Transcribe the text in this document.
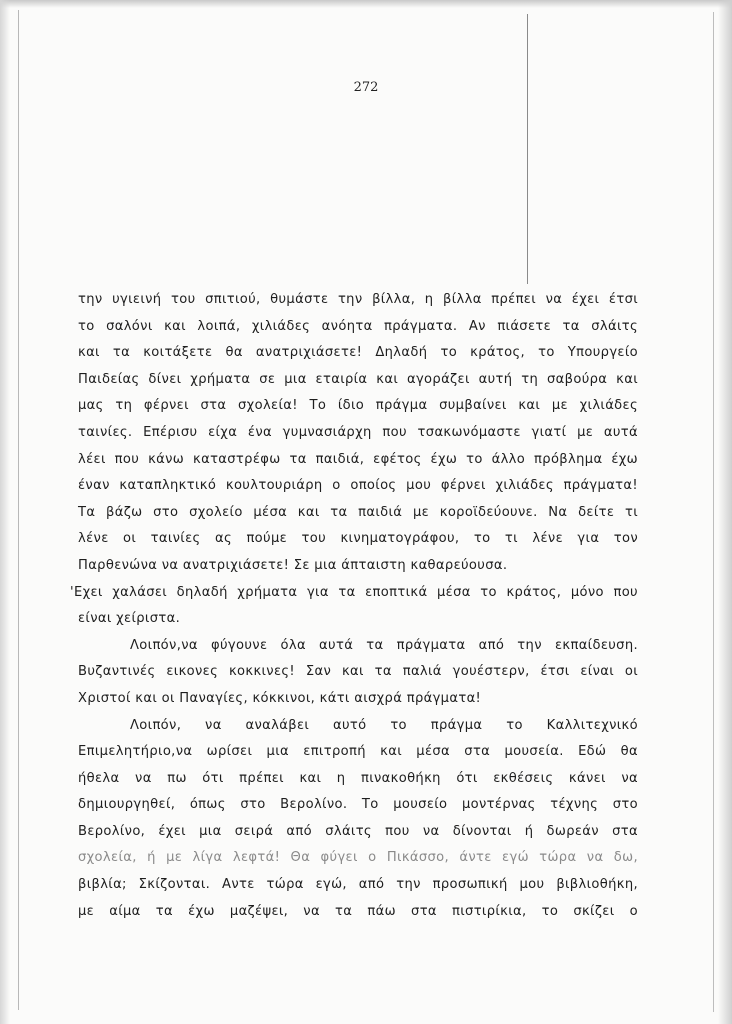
272
την υγιεινή του σπιτιού, θυμάστε την βίλλα, η βίλλα πρέπει να έχει έτσι
το σαλόνι και λοιπά, χιλιάδες ανόητα πράγματα. Αν πιάσετε τα σλάιτς
και τα κοιτάξετε θα ανατριχιάσετε! Δηλαδή το κράτος, το Υπουργείο
Παιδείας δίνει χρήματα σε μια εταιρία και αγοράζει αυτή τη σαβούρα και
μας τη φέρνει στα σχολεία! Το ίδιο πράγμα συμβαίνει και με χιλιάδες
ταινίες. Επέρισυ είχα ένα γυμνασιάρχη που τσακωνόμαστε γιατί με αυτά
λέει που κάνω καταστρέφω τα παιδιά, εφέτος έχω το άλλο πρόβλημα έχω
έναν καταπληκτικό κουλτουριάρη ο οποίος μου φέρνει χιλιάδες πράγματα!
Τα βάζω στο σχολείο μέσα και τα παιδιά με κοροϊδεύουνε. Να δείτε τι
λένε οι ταινίες ας πούμε του κινηματογράφου, το τι λένε για τον
Παρθενώνα να ανατριχιάσετε! Σε μια άπταιστη καθαρεύουσα.
'Εχει χαλάσει δηλαδή χρήματα για τα εποπτικά μέσα το κράτος, μόνο που
είναι χείριστα.
Λοιπόν,να φύγουνε όλα αυτά τα πράγματα από την εκπαίδευση.
Βυζαντινές εικονες κοκκινες! Σαν και τα παλιά γουέστερν, έτσι είναι οι
Χριστοί και οι Παναγίες, κόκκινοι, κάτι αισχρά πράγματα!
Λοιπόν, να αναλάβει αυτό το πράγμα το Καλλιτεχνικό
Επιμελητήριο,να ωρίσει μια επιτροπή και μέσα στα μουσεία. Εδώ θα
ήθελα να πω ότι πρέπει και η πινακοθήκη ότι εκθέσεις κάνει να
δημιουργηθεί, όπως στο Βερολίνο. Το μουσείο μοντέρνας τέχνης στο
Βερολίνο, έχει μια σειρά από σλάιτς που να δίνονται ή δωρεάν στα
σχολεία, ή με λίγα λεφτά! Θα φύγει ο Πικάσσο, άντε εγώ τώρα να δω,
βιβλία; Σκίζονται. Αντε τώρα εγώ, από την προσωπική μου βιβλιοθήκη,
με αίμα τα έχω μαζέψει, να τα πάω στα πιστιρίκια, το σκίζει ο
